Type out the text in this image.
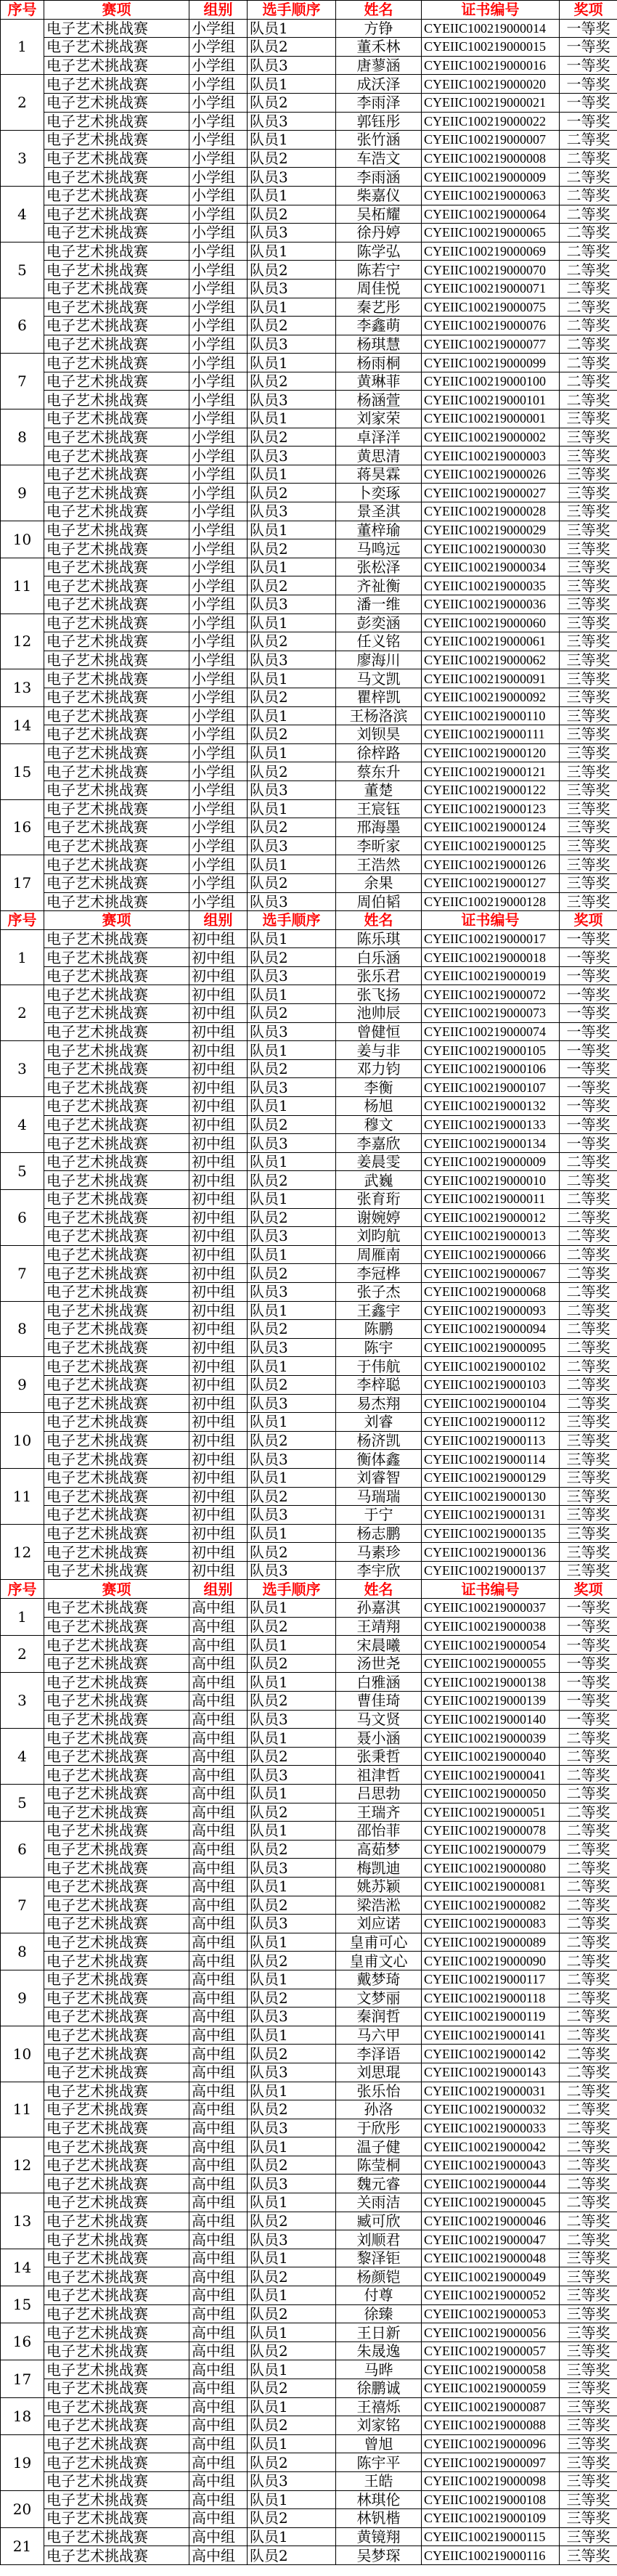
序号	赛项	组别	选手顺序	姓名	证书编号	奖项
1	电子艺术挑战赛	小学组	队员1	方铮	CYEIIC100219000014	一等奖
	电子艺术挑战赛	小学组	队员2	董禾林	CYEIIC100219000015	一等奖
	电子艺术挑战赛	小学组	队员3	唐蓼涵	CYEIIC100219000016	一等奖
2	电子艺术挑战赛	小学组	队员1	成沃泽	CYEIIC100219000020	一等奖
	电子艺术挑战赛	小学组	队员2	李雨泽	CYEIIC100219000021	一等奖
	电子艺术挑战赛	小学组	队员3	郭钰彤	CYEIIC100219000022	一等奖
3	电子艺术挑战赛	小学组	队员1	张竹涵	CYEIIC100219000007	二等奖
	电子艺术挑战赛	小学组	队员2	车浩文	CYEIIC100219000008	二等奖
	电子艺术挑战赛	小学组	队员3	李雨涵	CYEIIC100219000009	二等奖
4	电子艺术挑战赛	小学组	队员1	柴嘉仪	CYEIIC100219000063	二等奖
	电子艺术挑战赛	小学组	队员2	吴柘耀	CYEIIC100219000064	二等奖
	电子艺术挑战赛	小学组	队员3	徐丹婷	CYEIIC100219000065	二等奖
5	电子艺术挑战赛	小学组	队员1	陈学弘	CYEIIC100219000069	二等奖
	电子艺术挑战赛	小学组	队员2	陈若宁	CYEIIC100219000070	二等奖
	电子艺术挑战赛	小学组	队员3	周佳悦	CYEIIC100219000071	二等奖
6	电子艺术挑战赛	小学组	队员1	秦艺彤	CYEIIC100219000075	二等奖
	电子艺术挑战赛	小学组	队员2	李鑫萌	CYEIIC100219000076	二等奖
	电子艺术挑战赛	小学组	队员3	杨琪慧	CYEIIC100219000077	二等奖
7	电子艺术挑战赛	小学组	队员1	杨雨桐	CYEIIC100219000099	二等奖
	电子艺术挑战赛	小学组	队员2	黄琳菲	CYEIIC100219000100	二等奖
	电子艺术挑战赛	小学组	队员3	杨涵萱	CYEIIC100219000101	二等奖
8	电子艺术挑战赛	小学组	队员1	刘家荣	CYEIIC100219000001	三等奖
	电子艺术挑战赛	小学组	队员2	卓泽洋	CYEIIC100219000002	三等奖
	电子艺术挑战赛	小学组	队员3	黄思清	CYEIIC100219000003	三等奖
9	电子艺术挑战赛	小学组	队员1	蒋昊霖	CYEIIC100219000026	三等奖
	电子艺术挑战赛	小学组	队员2	卜奕琢	CYEIIC100219000027	三等奖
	电子艺术挑战赛	小学组	队员3	景圣淇	CYEIIC100219000028	三等奖
10	电子艺术挑战赛	小学组	队员1	董梓瑜	CYEIIC100219000029	三等奖
	电子艺术挑战赛	小学组	队员2	马鸣远	CYEIIC100219000030	三等奖
11	电子艺术挑战赛	小学组	队员1	张松泽	CYEIIC100219000034	三等奖
	电子艺术挑战赛	小学组	队员2	齐祉衡	CYEIIC100219000035	三等奖
	电子艺术挑战赛	小学组	队员3	潘一维	CYEIIC100219000036	三等奖
12	电子艺术挑战赛	小学组	队员1	彭奕涵	CYEIIC100219000060	三等奖
	电子艺术挑战赛	小学组	队员2	任义铭	CYEIIC100219000061	三等奖
	电子艺术挑战赛	小学组	队员3	廖海川	CYEIIC100219000062	三等奖
13	电子艺术挑战赛	小学组	队员1	马文凯	CYEIIC100219000091	三等奖
	电子艺术挑战赛	小学组	队员2	瞿梓凯	CYEIIC100219000092	三等奖
14	电子艺术挑战赛	小学组	队员1	王杨洛滨	CYEIIC100219000110	三等奖
	电子艺术挑战赛	小学组	队员2	刘钡昊	CYEIIC100219000111	三等奖
15	电子艺术挑战赛	小学组	队员1	徐梓路	CYEIIC100219000120	三等奖
	电子艺术挑战赛	小学组	队员2	蔡东升	CYEIIC100219000121	三等奖
	电子艺术挑战赛	小学组	队员3	董楚	CYEIIC100219000122	三等奖
16	电子艺术挑战赛	小学组	队员1	王宸钰	CYEIIC100219000123	三等奖
	电子艺术挑战赛	小学组	队员2	邢海墨	CYEIIC100219000124	三等奖
	电子艺术挑战赛	小学组	队员3	李昕家	CYEIIC100219000125	三等奖
17	电子艺术挑战赛	小学组	队员1	王浩然	CYEIIC100219000126	三等奖
	电子艺术挑战赛	小学组	队员2	余果	CYEIIC100219000127	三等奖
	电子艺术挑战赛	小学组	队员3	周伯韬	CYEIIC100219000128	三等奖
序号	赛项	组别	选手顺序	姓名	证书编号	奖项
1	电子艺术挑战赛	初中组	队员1	陈乐琪	CYEIIC100219000017	一等奖
	电子艺术挑战赛	初中组	队员2	白乐涵	CYEIIC100219000018	一等奖
	电子艺术挑战赛	初中组	队员3	张乐君	CYEIIC100219000019	一等奖
2	电子艺术挑战赛	初中组	队员1	张飞扬	CYEIIC100219000072	一等奖
	电子艺术挑战赛	初中组	队员2	池帅辰	CYEIIC100219000073	一等奖
	电子艺术挑战赛	初中组	队员3	曾健恒	CYEIIC100219000074	一等奖
3	电子艺术挑战赛	初中组	队员1	姜与非	CYEIIC100219000105	一等奖
	电子艺术挑战赛	初中组	队员2	邓力钧	CYEIIC100219000106	一等奖
	电子艺术挑战赛	初中组	队员3	李衡	CYEIIC100219000107	一等奖
4	电子艺术挑战赛	初中组	队员1	杨旭	CYEIIC100219000132	一等奖
	电子艺术挑战赛	初中组	队员2	穆文	CYEIIC100219000133	一等奖
	电子艺术挑战赛	初中组	队员3	李嘉欣	CYEIIC100219000134	一等奖
5	电子艺术挑战赛	初中组	队员1	姜晨雯	CYEIIC100219000009	二等奖
	电子艺术挑战赛	初中组	队员2	武巍	CYEIIC100219000010	二等奖
6	电子艺术挑战赛	初中组	队员1	张育珩	CYEIIC100219000011	二等奖
	电子艺术挑战赛	初中组	队员2	谢婉婷	CYEIIC100219000012	二等奖
	电子艺术挑战赛	初中组	队员3	刘昀航	CYEIIC100219000013	二等奖
7	电子艺术挑战赛	初中组	队员1	周雁南	CYEIIC100219000066	二等奖
	电子艺术挑战赛	初中组	队员2	李冠桦	CYEIIC100219000067	二等奖
	电子艺术挑战赛	初中组	队员3	张子杰	CYEIIC100219000068	二等奖
8	电子艺术挑战赛	初中组	队员1	王鑫宇	CYEIIC100219000093	二等奖
	电子艺术挑战赛	初中组	队员2	陈鹏	CYEIIC100219000094	二等奖
	电子艺术挑战赛	初中组	队员3	陈宇	CYEIIC100219000095	二等奖
9	电子艺术挑战赛	初中组	队员1	于伟航	CYEIIC100219000102	二等奖
	电子艺术挑战赛	初中组	队员2	李梓聪	CYEIIC100219000103	二等奖
	电子艺术挑战赛	初中组	队员3	易杰翔	CYEIIC100219000104	二等奖
10	电子艺术挑战赛	初中组	队员1	刘睿	CYEIIC100219000112	三等奖
	电子艺术挑战赛	初中组	队员2	杨济凯	CYEIIC100219000113	三等奖
	电子艺术挑战赛	初中组	队员3	衡体鑫	CYEIIC100219000114	三等奖
11	电子艺术挑战赛	初中组	队员1	刘睿智	CYEIIC100219000129	三等奖
	电子艺术挑战赛	初中组	队员2	马瑞瑞	CYEIIC100219000130	三等奖
	电子艺术挑战赛	初中组	队员3	于宁	CYEIIC100219000131	三等奖
12	电子艺术挑战赛	初中组	队员1	杨志鹏	CYEIIC100219000135	三等奖
	电子艺术挑战赛	初中组	队员2	马素珍	CYEIIC100219000136	三等奖
	电子艺术挑战赛	初中组	队员3	李宇欣	CYEIIC100219000137	三等奖
序号	赛项	组别	选手顺序	姓名	证书编号	奖项
1	电子艺术挑战赛	高中组	队员1	孙嘉淇	CYEIIC100219000037	一等奖
	电子艺术挑战赛	高中组	队员2	王靖翔	CYEIIC100219000038	一等奖
2	电子艺术挑战赛	高中组	队员1	宋晨曦	CYEIIC100219000054	一等奖
	电子艺术挑战赛	高中组	队员2	汤世尧	CYEIIC100219000055	一等奖
3	电子艺术挑战赛	高中组	队员1	白雅涵	CYEIIC100219000138	一等奖
	电子艺术挑战赛	高中组	队员2	曹佳琦	CYEIIC100219000139	一等奖
	电子艺术挑战赛	高中组	队员3	马文贤	CYEIIC100219000140	一等奖
4	电子艺术挑战赛	高中组	队员1	聂小涵	CYEIIC100219000039	二等奖
	电子艺术挑战赛	高中组	队员2	张秉哲	CYEIIC100219000040	二等奖
	电子艺术挑战赛	高中组	队员3	祖津哲	CYEIIC100219000041	二等奖
5	电子艺术挑战赛	高中组	队员1	吕思勃	CYEIIC100219000050	二等奖
	电子艺术挑战赛	高中组	队员2	王瑞齐	CYEIIC100219000051	二等奖
6	电子艺术挑战赛	高中组	队员1	邵怡菲	CYEIIC100219000078	二等奖
	电子艺术挑战赛	高中组	队员2	高茹梦	CYEIIC100219000079	二等奖
	电子艺术挑战赛	高中组	队员3	梅凯迪	CYEIIC100219000080	二等奖
7	电子艺术挑战赛	高中组	队员1	姚苏颖	CYEIIC100219000081	二等奖
	电子艺术挑战赛	高中组	队员2	梁浩淞	CYEIIC100219000082	二等奖
	电子艺术挑战赛	高中组	队员3	刘应诺	CYEIIC100219000083	二等奖
8	电子艺术挑战赛	高中组	队员1	皇甫可心	CYEIIC100219000089	二等奖
	电子艺术挑战赛	高中组	队员2	皇甫文心	CYEIIC100219000090	二等奖
9	电子艺术挑战赛	高中组	队员1	戴梦琦	CYEIIC100219000117	二等奖
	电子艺术挑战赛	高中组	队员2	文梦丽	CYEIIC100219000118	二等奖
	电子艺术挑战赛	高中组	队员3	秦润哲	CYEIIC100219000119	二等奖
10	电子艺术挑战赛	高中组	队员1	马六甲	CYEIIC100219000141	二等奖
	电子艺术挑战赛	高中组	队员2	李泽语	CYEIIC100219000142	二等奖
	电子艺术挑战赛	高中组	队员3	刘思琨	CYEIIC100219000143	二等奖
11	电子艺术挑战赛	高中组	队员1	张乐怡	CYEIIC100219000031	二等奖
	电子艺术挑战赛	高中组	队员2	孙洛	CYEIIC100219000032	二等奖
	电子艺术挑战赛	高中组	队员3	于欣彤	CYEIIC100219000033	二等奖
12	电子艺术挑战赛	高中组	队员1	温子健	CYEIIC100219000042	二等奖
	电子艺术挑战赛	高中组	队员2	陈莹桐	CYEIIC100219000043	二等奖
	电子艺术挑战赛	高中组	队员3	魏元睿	CYEIIC100219000044	二等奖
13	电子艺术挑战赛	高中组	队员1	关雨洁	CYEIIC100219000045	二等奖
	电子艺术挑战赛	高中组	队员2	臧可欣	CYEIIC100219000046	二等奖
	电子艺术挑战赛	高中组	队员3	刘顺君	CYEIIC100219000047	二等奖
14	电子艺术挑战赛	高中组	队员1	黎泽钜	CYEIIC100219000048	三等奖
	电子艺术挑战赛	高中组	队员2	杨颜铠	CYEIIC100219000049	三等奖
15	电子艺术挑战赛	高中组	队员1	付尊	CYEIIC100219000052	三等奖
	电子艺术挑战赛	高中组	队员2	徐臻	CYEIIC100219000053	三等奖
16	电子艺术挑战赛	高中组	队员1	王日新	CYEIIC100219000056	三等奖
	电子艺术挑战赛	高中组	队员2	朱晟逸	CYEIIC100219000057	三等奖
17	电子艺术挑战赛	高中组	队员1	马晔	CYEIIC100219000058	三等奖
	电子艺术挑战赛	高中组	队员2	徐鹏诚	CYEIIC100219000059	三等奖
18	电子艺术挑战赛	高中组	队员1	王禧烁	CYEIIC100219000087	三等奖
	电子艺术挑战赛	高中组	队员2	刘家铭	CYEIIC100219000088	三等奖
19	电子艺术挑战赛	高中组	队员1	曾旭	CYEIIC100219000096	三等奖
	电子艺术挑战赛	高中组	队员2	陈宇平	CYEIIC100219000097	三等奖
	电子艺术挑战赛	高中组	队员3	王皓	CYEIIC100219000098	三等奖
20	电子艺术挑战赛	高中组	队员1	林琪伦	CYEIIC100219000108	三等奖
	电子艺术挑战赛	高中组	队员2	林钒楷	CYEIIC100219000109	三等奖
21	电子艺术挑战赛	高中组	队员1	黄镜翔	CYEIIC100219000115	三等奖
	电子艺术挑战赛	高中组	队员2	吴梦琛	CYEIIC100219000116	三等奖
